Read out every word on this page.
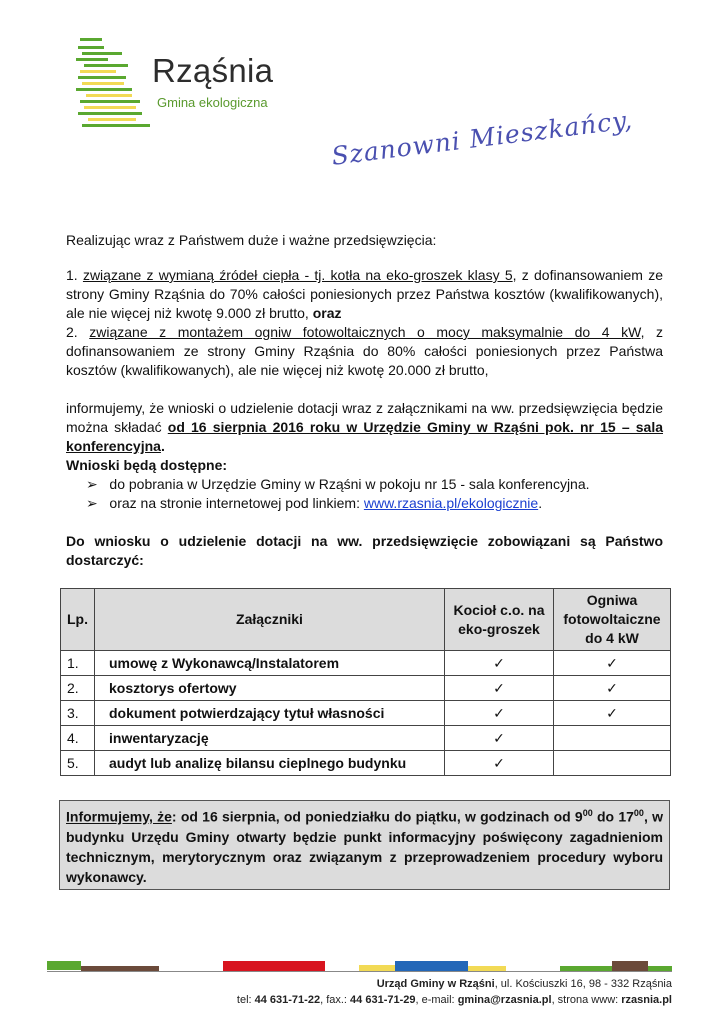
Rząśnia
Gmina ekologiczna
Szanowni Mieszkańcy,
Realizując wraz z Państwem duże i ważne przedsięwzięcia:
1. związane z wymianą źródeł ciepła - tj. kotła na eko-groszek klasy 5, z dofinansowaniem ze strony Gminy Rząśnia do 70% całości poniesionych przez Państwa kosztów (kwalifikowanych), ale nie więcej niż kwotę 9.000 zł brutto, oraz
2. związane z montażem ogniw fotowoltaicznych o mocy maksymalnie do 4 kW, z dofinansowaniem ze strony Gminy Rząśnia do 80% całości poniesionych przez Państwa kosztów (kwalifikowanych), ale nie więcej niż kwotę 20.000 zł brutto,
informujemy, że wnioski o udzielenie dotacji wraz z załącznikami na ww. przedsięwzięcia będzie można składać od 16 sierpnia 2016 roku w Urzędzie Gminy w Rząśni pok. nr 15 – sala konferencyjna.
Wnioski będą dostępne:
➢ do pobrania w Urzędzie Gminy w Rząśni w pokoju nr 15 - sala konferencyjna.
➢ oraz na stronie internetowej pod linkiem: www.rzasnia.pl/ekologicznie.
Do wniosku o udzielenie dotacji na ww. przedsięwzięcie zobowiązani są Państwo dostarczyć:
Lp.	Załączniki	Kocioł c.o. na eko-groszek	Ogniwa fotowoltaiczne do 4 kW
1.	umowę z Wykonawcą/Instalatorem	✓	✓
2.	kosztorys ofertowy	✓	✓
3.	dokument potwierdzający tytuł własności	✓	✓
4.	inwentaryzację	✓	
5.	audyt lub analizę bilansu cieplnego budynku	✓	
Informujemy, że: od 16 sierpnia, od poniedziałku do piątku, w godzinach od $9^{00}$ do $17^{00}$, w budynku Urzędu Gminy otwarty będzie punkt informacyjny poświęcony zagadnieniom technicznym, merytorycznym oraz związanym z przeprowadzeniem procedury wyboru wykonawcy.
Urząd Gminy w Rząśni, ul. Kościuszki 16, 98 - 332 Rząśnia
tel: 44 631-71-22, fax.: 44 631-71-29, e-mail: gmina@rzasnia.pl, strona www: rzasnia.pl
